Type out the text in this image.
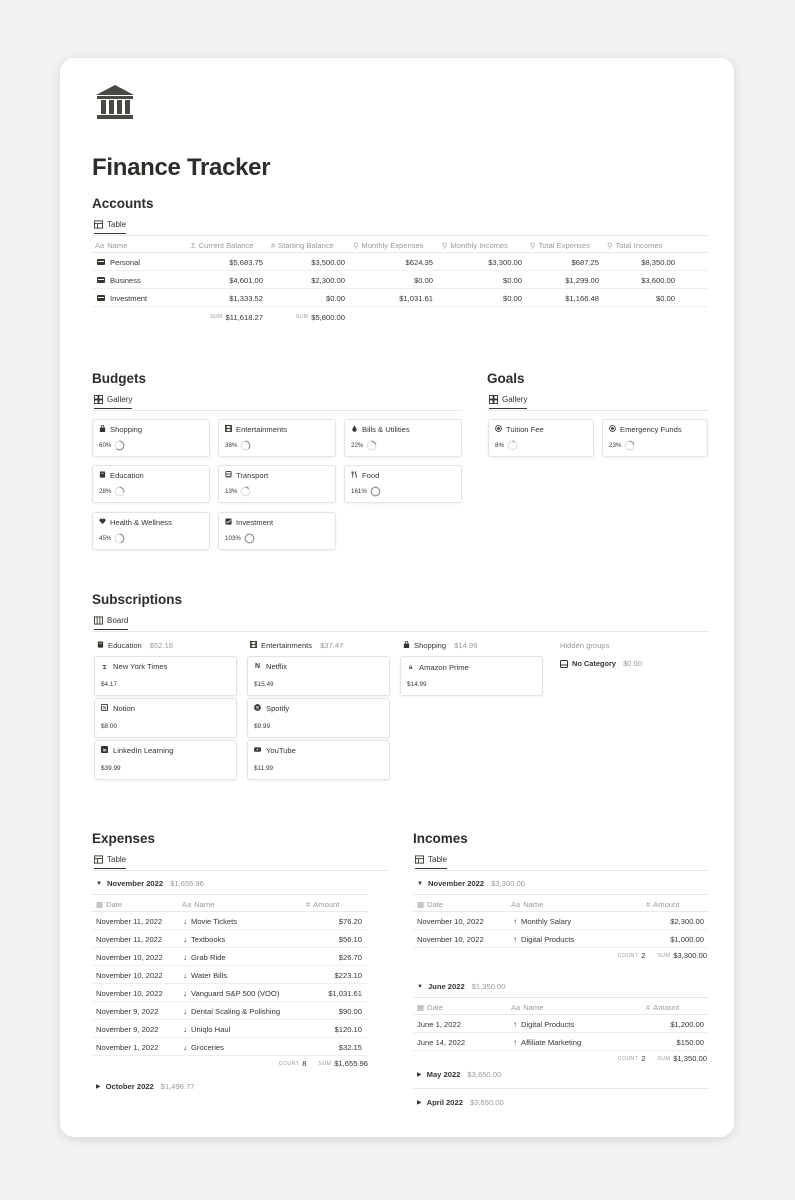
Finance Tracker
Accounts
Table
Aa Name	Σ Current Balance # Starting Balance	⚲ Monthly Expenses ⚲ Monthly Incomes	⚲ Total Expenses ⚲ Total Incomes
Personal	$5,683.75	$3,500.00	$624.35	$3,300.00	$687.25	$8,350.00
Business	$4,601.00	$2,300.00	$0.00	$0.00	$1,299.00	$3,600.00
Investment	$1,333.52	$0.00	$1,031.61	$0.00	$1,166.48	$0.00
SUM $11,618.27	SUM $5,800.00
Budgets
Gallery
Shopping
60%
Entertainments
38%
Bills & Utilities
22%
Education
28%
Transport
13%
Food
161%
Health & Wellness
45%
Investment
103%
Goals
Gallery
Tuition Fee
8%
Emergency Funds
23%
Subscriptions
Board
Education $52.16
𝔗 New York Times
$4.17
N Notion
$8.00
in LinkedIn Learning
$39.99
Entertainments $37.47
N Netflix
$15.49
Spotify
$9.99
YouTube
$11.99
Shopping $14.99
a Amazon Prime
$14.99
Hidden groups
No Category $0.00
Expenses
Table
▼ November 2022 $1,655.96
▦ Date	Aa Name	# Amount
November 11, 2022	↓ Movie Tickets	$76.20
November 11, 2022	↓ Textbooks	$56.10
November 10, 2022	↓ Grab Ride	$26.70
November 10, 2022	↓ Water Bills	$223.10
November 10, 2022	↓ Vanguard S&P 500 (VOO)	$1,031.61
November 9, 2022	↓ Dental Scaling & Polishing	$90.00
November 9, 2022	↓ Uniqlo Haul	$120.10
November 1, 2022	↓ Groceries	$32.15
▶ October 2022 $1,496.77
Incomes
Table
▼ November 2022 $3,300.00
▦ Date	Aa Name	# Amount
November 10, 2022	↑ Monthly Salary	$2,300.00
November 10, 2022	↑ Digital Products	$1,000.00
▼ June 2022 $1,350.00
▦ Date	Aa Name	# Amount
June 1, 2022	↑ Digital Products	$1,200.00
June 14, 2022	↑ Affiliate Marketing	$150.00
▶ May 2022 $3,650.00
▶ April 2022 $3,650.00
COUNT 8 SUM $1,655.96
COUNT 2 SUM $3,300.00
COUNT 2 SUM $1,350.00
